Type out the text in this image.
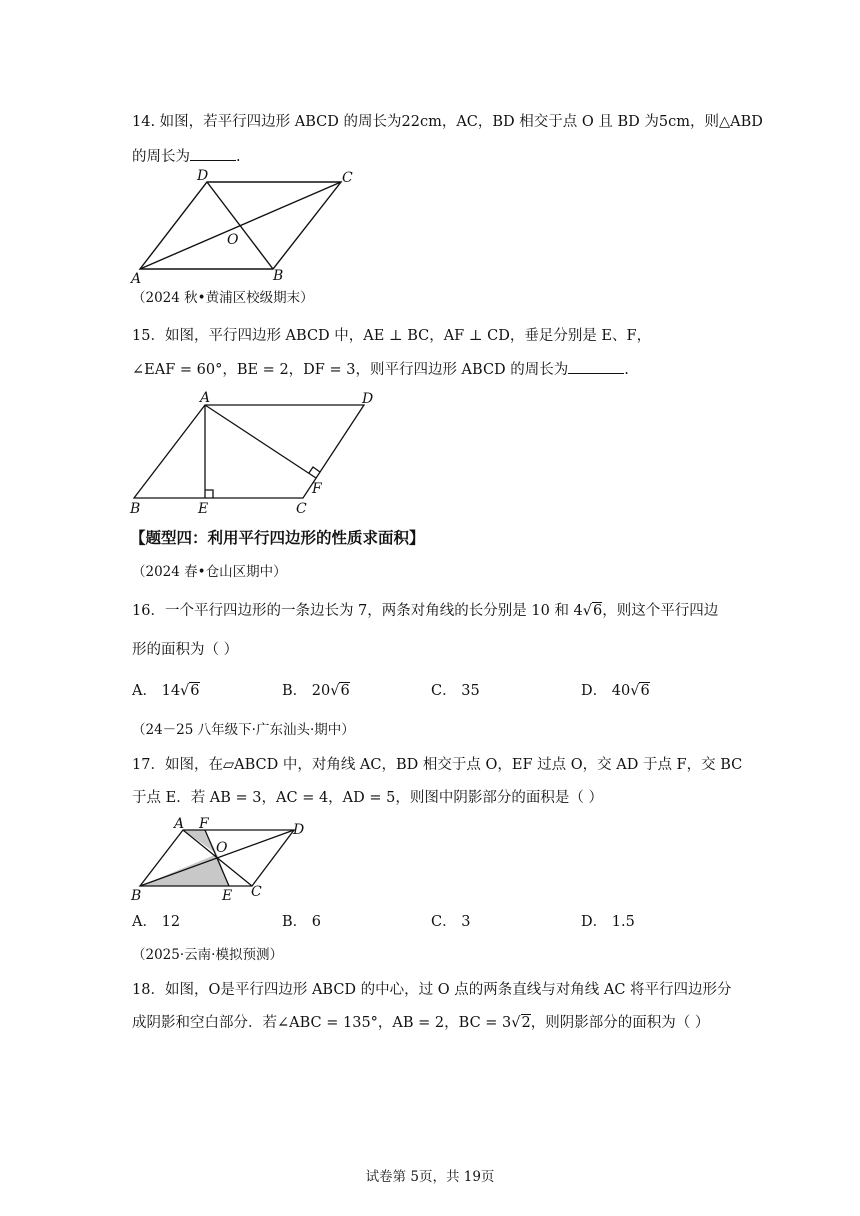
14. 如图，若平行四边形 ABCD 的周长为22cm，AC，BD 相交于点 O 且 BD 为5cm，则△ABD
的周长为	.
D	C
O
A	B
（2024 秋•黄浦区校级期末）
15．如图，平行四边形 ABCD 中，AE ⊥ BC，AF ⊥ CD，垂足分别是 E、F，
∠EAF = 60°，BE = 2，DF = 3，则平行四边形 ABCD 的周长为	.
A	D
F
B	E	C
【题型四：利用平行四边形的性质求面积】
（2024 春•仓山区期中）
16．一个平行四边形的一条边长为 7，两条对角线的长分别是 10 和 4√6，则这个平行四边
形的面积为（ ）
A． 14√6	B． 20√6	C． 35	D． 40√6
（24－25 八年级下·广东汕头·期中）
17．如图，在▱ABCD 中，对角线 AC，BD 相交于点 O，EF 过点 O，交 AD 于点 F，交 BC
于点 E．若 AB = 3，AC = 4，AD = 5，则图中阴影部分的面积是（ ）
A F	D
O
B	E C
A． 12	B． 6	C． 3	D． 1.5
（2025·云南·模拟预测）
18．如图，O是平行四边形 ABCD 的中心，过 O 点的两条直线与对角线 AC 将平行四边形分
成阴影和空白部分．若∠ABC = 135°，AB = 2，BC = 3√2，则阴影部分的面积为（ ）
试卷第 5页，共 19页
